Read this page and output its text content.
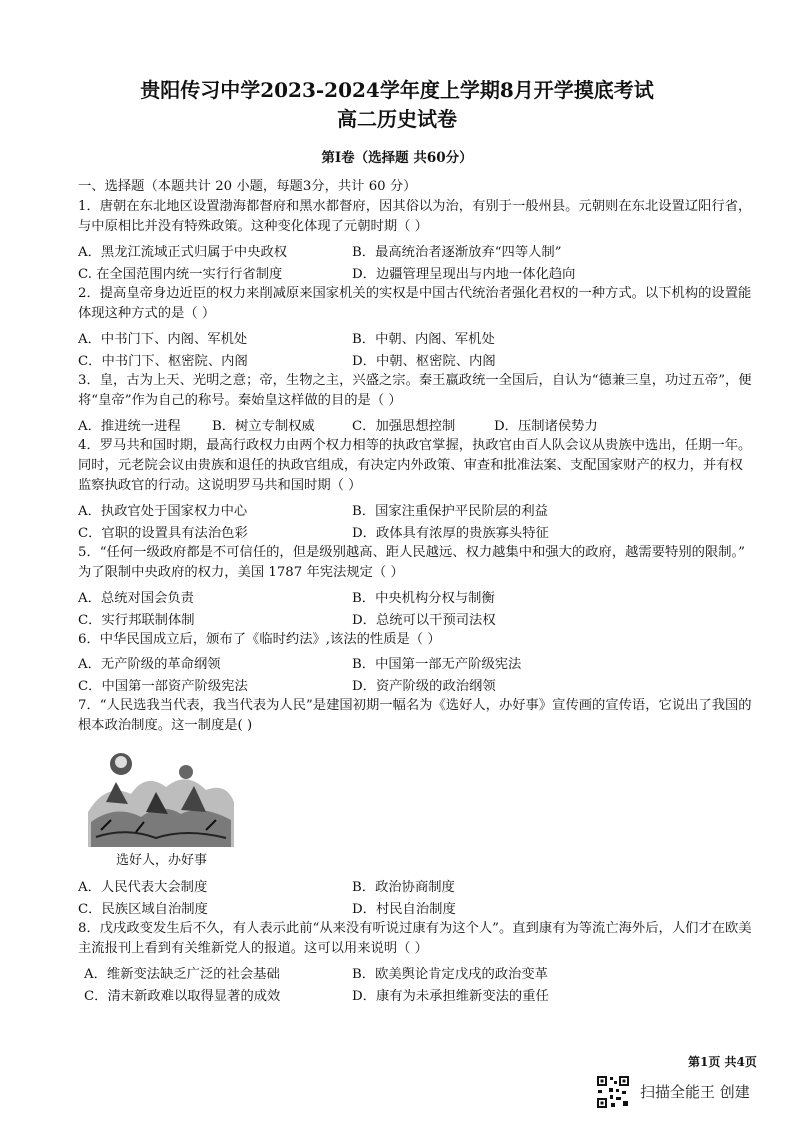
贵阳传习中学2023-2024学年度上学期8月开学摸底考试
高二历史试卷
第Ⅰ卷（选择题 共60分）
一、选择题（本题共计 20 小题，每题3分，共计 60 分）
1．唐朝在东北地区设置渤海都督府和黑水都督府，因其俗以为治，有别于一般州县。元朝则在东北设置辽阳行省，
与中原相比并没有特殊政策。这种变化体现了元朝时期（ ）
A．黑龙江流域正式归属于中央政权	B．最高统治者逐渐放弃“四等人制”
C. 在全国范围内统一实行行省制度	D．边疆管理呈现出与内地一体化趋向
2．提高皇帝身边近臣的权力来削减原来国家机关的实权是中国古代统治者强化君权的一种方式。以下机构的设置能
体现这种方式的是（ ）
A．中书门下、内阁、军机处	B．中朝、内阁、军机处
C．中书门下、枢密院、内阁	D．中朝、枢密院、内阁
3．皇，古为上天、光明之意；帝，生物之主，兴盛之宗。秦王嬴政统一全国后，自认为“德兼三皇，功过五帝”，便
将“皇帝”作为自己的称号。秦始皇这样做的目的是（ ）
A．推进统一进程 B．树立专制权威	C．加强思想控制	D．压制诸侯势力
4．罗马共和国时期，最高行政权力由两个权力相等的执政官掌握，执政官由百人队会议从贵族中选出，任期一年。
同时，元老院会议由贵族和退任的执政官组成，有决定内外政策、审查和批准法案、支配国家财产的权力，并有权
监察执政官的行动。这说明罗马共和国时期（ ）
A．执政官处于国家权力中心	B．国家注重保护平民阶层的利益
C．官职的设置具有法治色彩	D．政体具有浓厚的贵族寡头特征
5．“任何一级政府都是不可信任的，但是级别越高、距人民越远、权力越集中和强大的政府，越需要特别的限制。”
为了限制中央政府的权力，美国 1787 年宪法规定（ ）
A．总统对国会负责	B．中央机构分权与制衡
C．实行邦联制体制	D．总统可以干预司法权
6．中华民国成立后，颁布了《临时约法》,该法的性质是（ ）
A．无产阶级的革命纲领	B．中国第一部无产阶级宪法
C．中国第一部资产阶级宪法	D．资产阶级的政治纲领
7．“人民选我当代表，我当代表为人民”是建国初期一幅名为《选好人，办好事》宣传画的宣传语，它说出了我国的
根本政治制度。这一制度是( )
选好人，办好事
A．人民代表大会制度	B．政治协商制度
C．民族区域自治制度	D．村民自治制度
8．戊戌政变发生后不久，有人表示此前“从来没有听说过康有为这个人”。直到康有为等流亡海外后，人们才在欧美
主流报刊上看到有关维新党人的报道。这可以用来说明（ ）
A．维新变法缺乏广泛的社会基础	B．欧美舆论肯定戊戌的政治变革
C．清末新政难以取得显著的成效	D．康有为未承担维新变法的重任
第1页 共4页
扫描全能王 创建
